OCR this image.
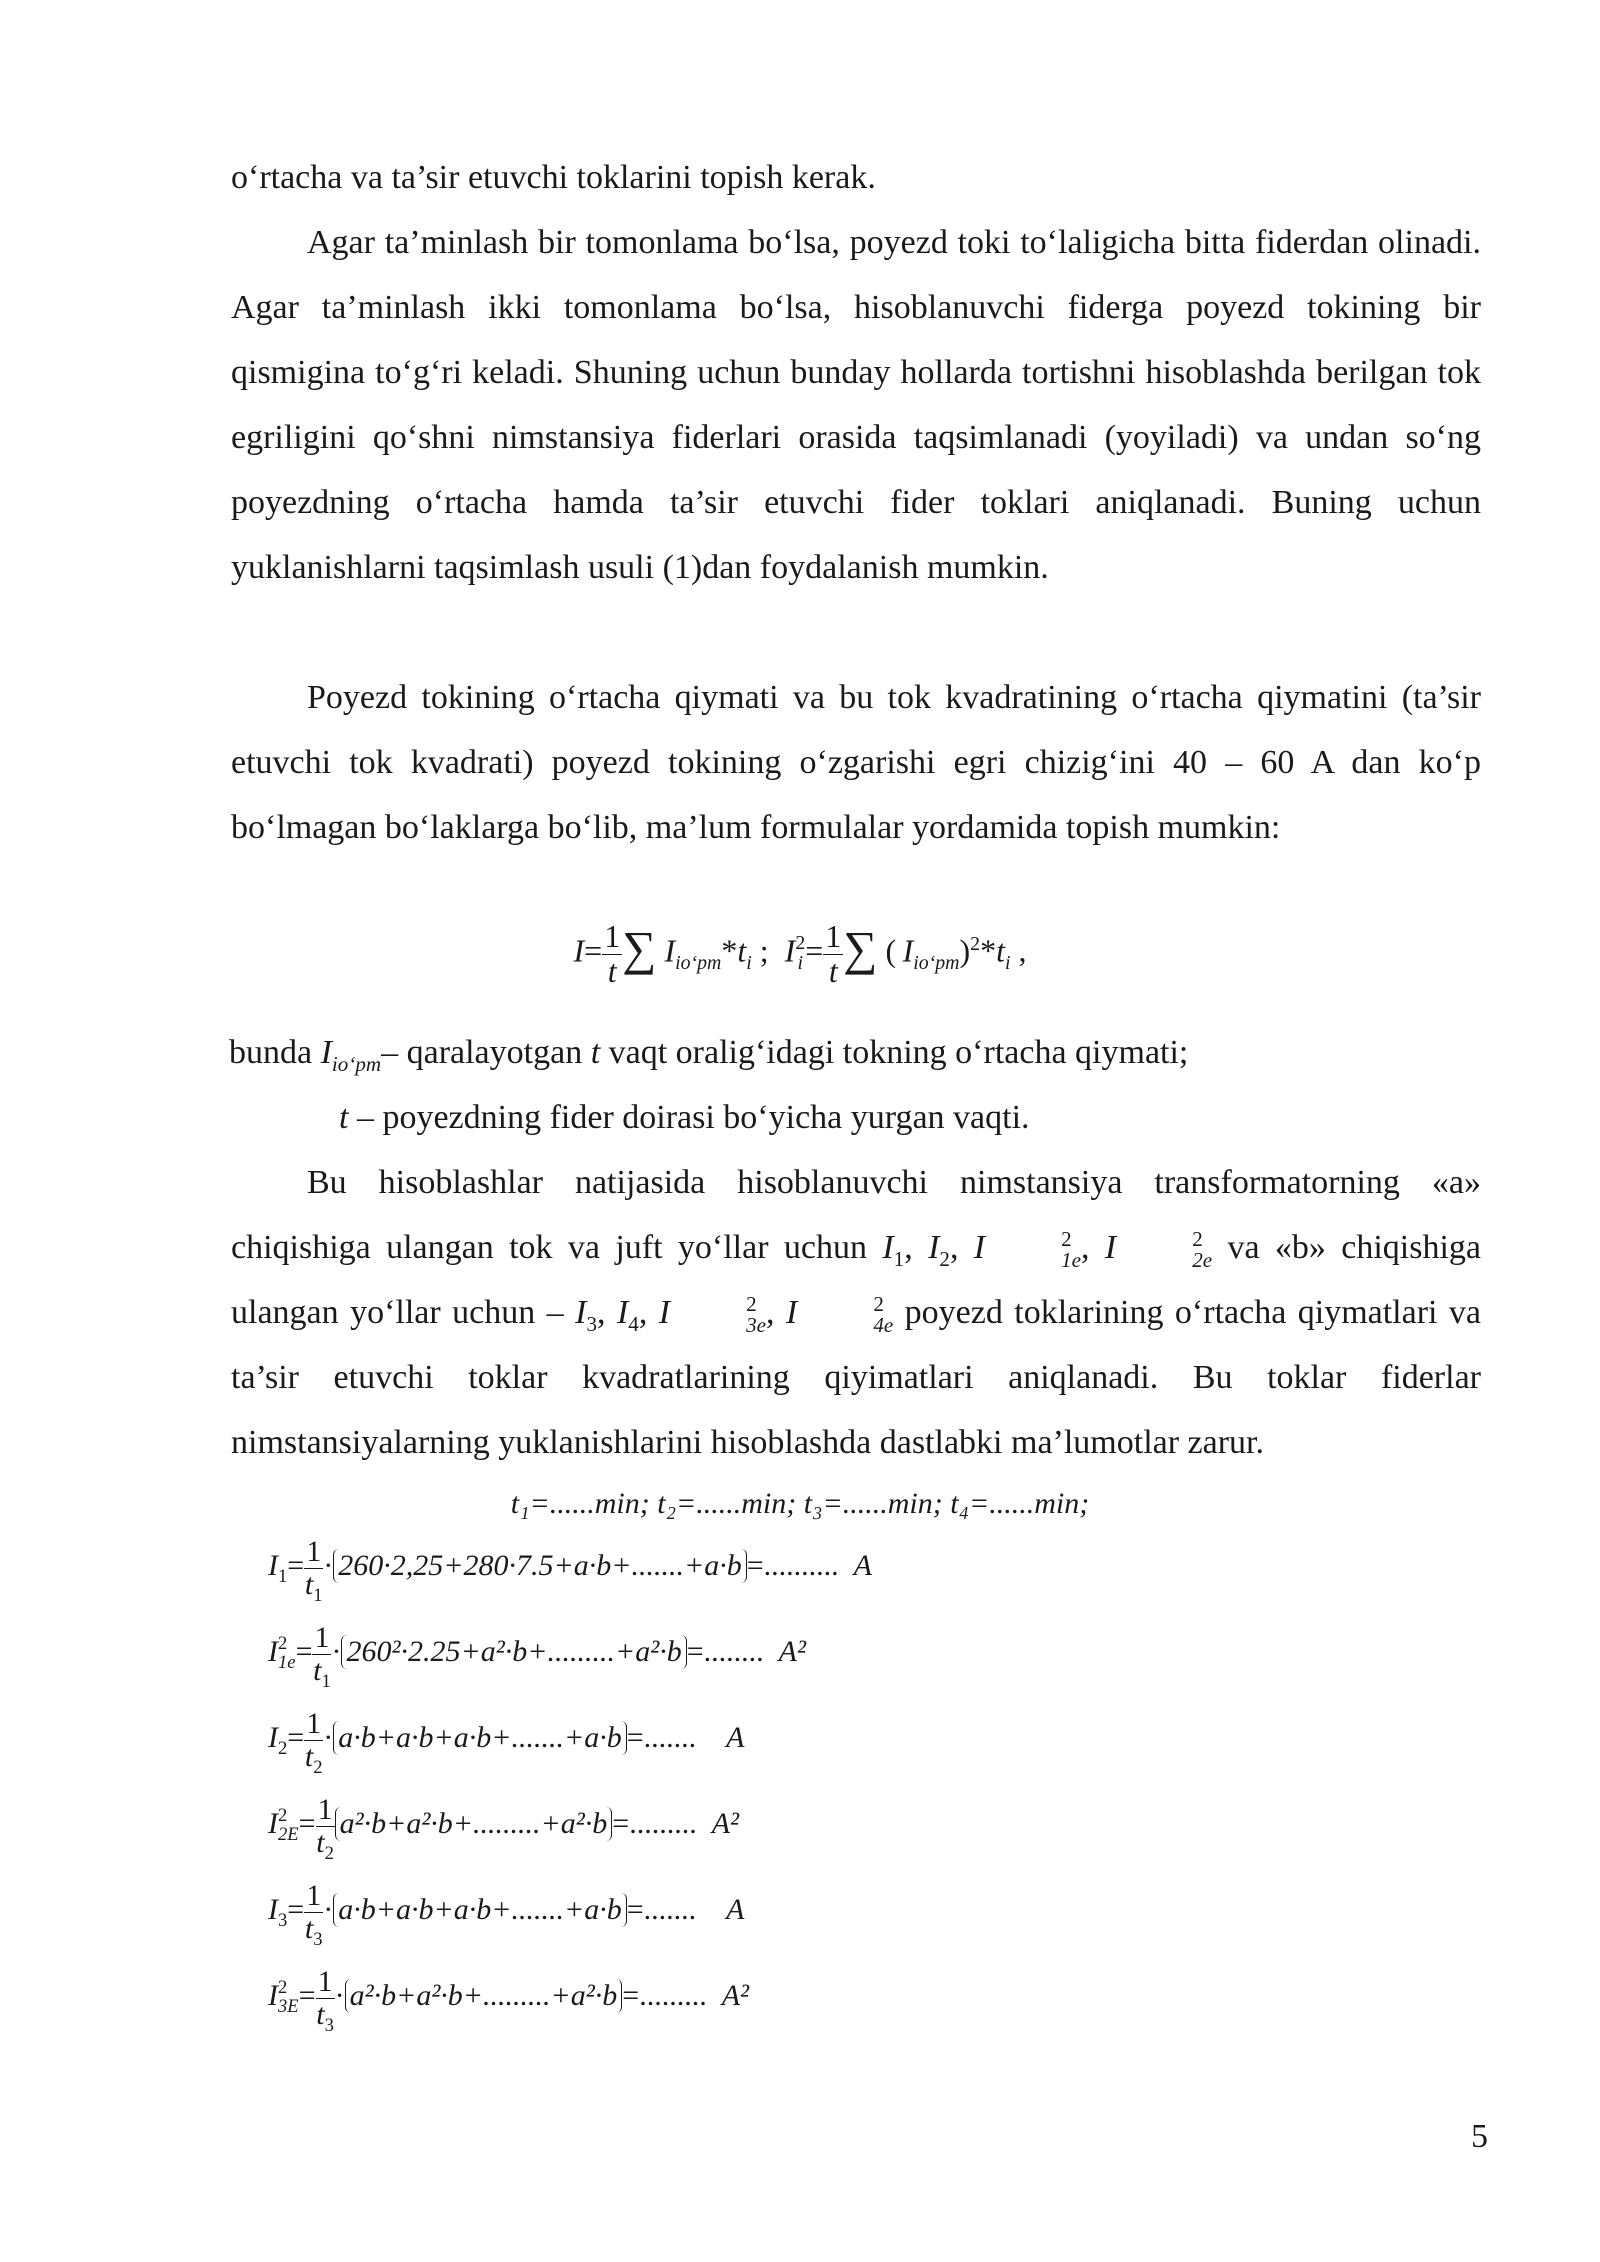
o‘rtacha va ta’sir etuvchi toklarini topish kerak.

Agar ta’minlash bir tomonlama bo‘lsa, poyezd toki to‘laligicha bitta fiderdan olinadi. Agar ta’minlash ikki tomonlama bo‘lsa, hisoblanuvchi fiderga poyezd tokining bir qismigina to‘g‘ri keladi. Shuning uchun bunday hollarda tortishni hisoblashda berilgan tok egriligini qo‘shni nimstansiya fiderlari orasida taqsimlanadi (yoyiladi) va undan so‘ng poyezdning o‘rtacha hamda ta’sir etuvchi fider toklari aniqlanadi. Buning uchun yuklanishlarni taqsimlash usuli (1)dan foydalanish mumkin.

Poyezd tokining o‘rtacha qiymati va bu tok kvadratining o‘rtacha qiymatini (ta’sir etuvchi tok kvadrati) poyezd tokining o‘zgarishi egri chizig‘ini 40 – 60 A dan ko‘p bo‘lmagan bo‘laklarga bo‘lib, ma’lum formulalar yordamida topish mumkin:

$I= \frac{1}{t}$ ∑ $I_{io‘pm}*t_i$ ; I 2
$i = \frac{1}{t}$ ∑ (  $I_{io‘pm})^2*t_i$ ,

bunda $I_{io‘pm}-$ qaralayotgan t vaqt oralig‘idagi tokning o‘rtacha qiymati;

t – poyezdning fider doirasi bo‘yicha yurgan vaqti.

Bu hisoblashlar natijasida hisoblanuvchi nimstansiya transformatorning «a» chiqishiga ulangan tok va juft yo‘llar uchun $I_1$, $I_2$, I	2
1e , I	2
2e va «b» chiqishiga ulangan yo‘llar uchun – $I_3$, $I_4$, I	2
3e , I	2
4e poyezd toklarining o‘rtacha qiymatlari va ta’sir etuvchi toklar kvadratlarining qiyimatlari aniqlanadi. Bu toklar fiderlar nimstansiyalarning yuklanishlarini hisoblashda dastlabki ma’lumotlar zarur.

t₁=......min; t₂=......min; t₃=......min; t₄=......min;
$I_1= \frac{1}{t_1} \cdot 260\cdot 2,25+280\cdot 7.5+a\cdot b+.......+a\cdot b$ =.......... A
I 2
$1e = \frac{1}{t_1} \cdot 260^2\cdot 2.25+a^2\cdot b+.........+a^2\cdot b$ =........ A²
$I_2= \frac{1}{t_2} \cdot a\cdot b+a\cdot b+a\cdot b+.......+a\cdot b$ =....... A
I 2
$2E = \frac{1}{t_2} a^2\cdot b+a^2\cdot b+.........+a^2\cdot b$ =......... A²
$I_3= \frac{1}{t_3} \cdot a\cdot b+a\cdot b+a\cdot b+.......+a\cdot b$ =....... A
I 2
$3E = \frac{1}{t_3} \cdot a^2\cdot b+a^2\cdot b+.........+a^2\cdot b$ =......... A²
5
